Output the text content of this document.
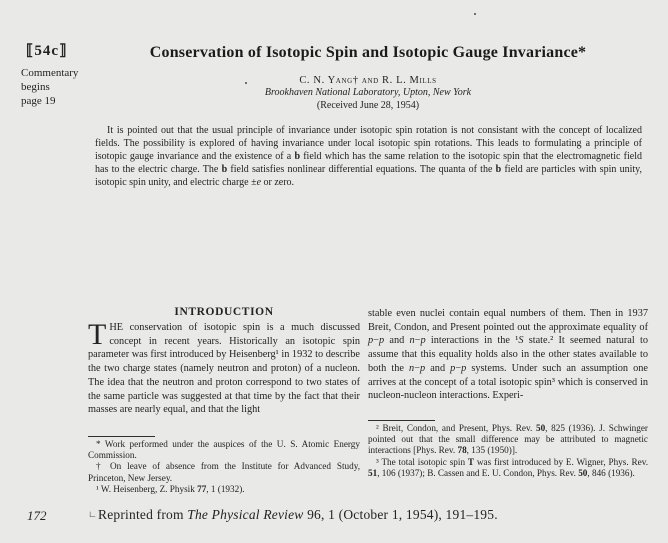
⟦54c⟧
Commentary
begins
page 19
Conservation of Isotopic Spin and Isotopic Gauge Invariance*
C. N. Yang† and R. L. Mills
Brookhaven National Laboratory, Upton, New York
(Received June 28, 1954)
It is pointed out that the usual principle of invariance under isotopic spin rotation is not consistant with the concept of localized fields. The possibility is explored of having invariance under local isotopic spin rotations. This leads to formulating a principle of isotopic gauge invariance and the existence of a b field which has the same relation to the isotopic spin that the electromagnetic field has to the electric charge. The b field satisfies nonlinear differential equations. The quanta of the b field are particles with spin unity, isotopic spin unity, and electric charge ±e or zero.
INTRODUCTION
THE conservation of isotopic spin is a much discussed concept in recent years. Historically an isotopic spin parameter was first introduced by Heisenberg¹ in 1932 to describe the two charge states (namely neutron and proton) of a nucleon. The idea that the neutron and proton correspond to two states of the same particle was suggested at that time by the fact that their masses are nearly equal, and that the light

* Work performed under the auspices of the U. S. Atomic Energy Commission.

† On leave of absence from the Institute for Advanced Study, Princeton, New Jersey.

¹ W. Heisenberg, Z. Physik 77, 1 (1932).

stable even nuclei contain equal numbers of them. Then in 1937 Breit, Condon, and Present pointed out the approximate equality of p−p and n−p interactions in the ¹S state.² It seemed natural to assume that this equality holds also in the other states available to both the n−p and p−p systems. Under such an assumption one arrives at the concept of a total isotopic spin³ which is conserved in nucleon-nucleon interactions. Experi-

² Breit, Condon, and Present, Phys. Rev. 50, 825 (1936). J. Schwinger pointed out that the small difference may be attributed to magnetic interactions [Phys. Rev. 78, 135 (1950)].

³ The total isotopic spin T was first introduced by E. Wigner, Phys. Rev. 51, 106 (1937); B. Cassen and E. U. Condon, Phys. Rev. 50, 846 (1936).

172	∟Reprinted from The Physical Review 96, 1 (October 1, 1954), 191–195.
